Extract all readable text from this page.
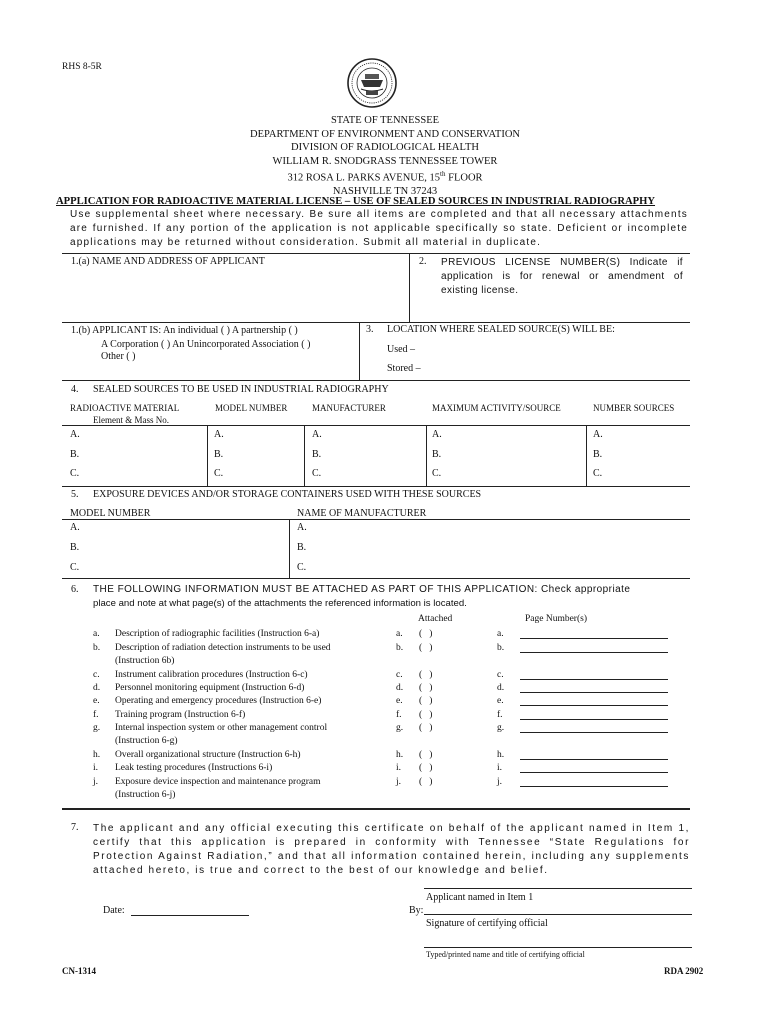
RHS 8-5R
STATE OF TENNESSEE
DEPARTMENT OF ENVIRONMENT AND CONSERVATION
DIVISION OF RADIOLOGICAL HEALTH
WILLIAM R. SNODGRASS TENNESSEE TOWER
312 ROSA L. PARKS AVENUE, 15th FLOOR
NASHVILLE TN 37243
APPLICATION FOR RADIOACTIVE MATERIAL LICENSE – USE OF SEALED SOURCES IN INDUSTRIAL RADIOGRAPHY
Use supplemental sheet where necessary. Be sure all items are completed and that all necessary attachments are furnished. If any portion of the application is not applicable specifically so state. Deficient or incomplete applications may be returned without consideration. Submit all material in duplicate.
1.(a) NAME AND ADDRESS OF APPLICANT	2. PREVIOUS LICENSE NUMBER(S) Indicate if application is for renewal or amendment of existing license.
1.(b) APPLICANT IS: An individual ( ) A partnership ( )
A Corporation ( ) An Unincorporated Association ( )
Other ( )
3. LOCATION WHERE SEALED SOURCE(S) WILL BE:
Used –
Stored –
4. SEALED SOURCES TO BE USED IN INDUSTRIAL RADIOGRAPHY
RADIOACTIVE MATERIAL
Element & Mass No.
MODEL NUMBER	MANUFACTURER	MAXIMUM ACTIVITY/SOURCE	NUMBER SOURCES
A.	A.	A.	A.	A.
B.	B.	B.	B.	B.
C.	C.	C.	C.	C.
5. EXPOSURE DEVICES AND/OR STORAGE CONTAINERS USED WITH THESE SOURCES
MODEL NUMBER	NAME OF MANUFACTURER
A.	A.
B.	B.
C.	C.
6. THE FOLLOWING INFORMATION MUST BE ATTACHED AS PART OF THIS APPLICATION: Check appropriate
place and note at what page(s) of the attachments the referenced information is located.
Attached	Page Number(s)
a. Description of radiographic facilities (Instruction 6-a)	a. (   )	a.
b. Description of radiation detection instruments to be used
(Instruction 6b)
b. (   )	b.
c. Instrument calibration procedures (Instruction 6-c)	c. (   )	c.
d. Personnel monitoring equipment (Instruction 6-d)	d. (   )	d.
e. Operating and emergency procedures (Instruction 6-e)	e. (   )	e.
f. Training program (Instruction 6-f)	f. (   )	f.
g. Internal inspection system or other management control
(Instruction 6-g)
g. (   )	g.
h. Overall organizational structure (Instruction 6-h)	h. (   )	h.
i. Leak testing procedures (Instructions 6-i)	i. (   )	i.
j. Exposure device inspection and maintenance program
(Instruction 6-j)
j. (   )	j.
7. The applicant and any official executing this certificate on behalf of the applicant named in Item 1, certify that this application is prepared in conformity with Tennessee “State Regulations for Protection Against Radiation,” and that all information contained herein, including any supplements attached hereto, is true and correct to the best of our knowledge and belief.
Applicant named in Item 1
Date:	By:
Signature of certifying official
Typed/printed name and title of certifying official
CN-1314	RDA 2902
